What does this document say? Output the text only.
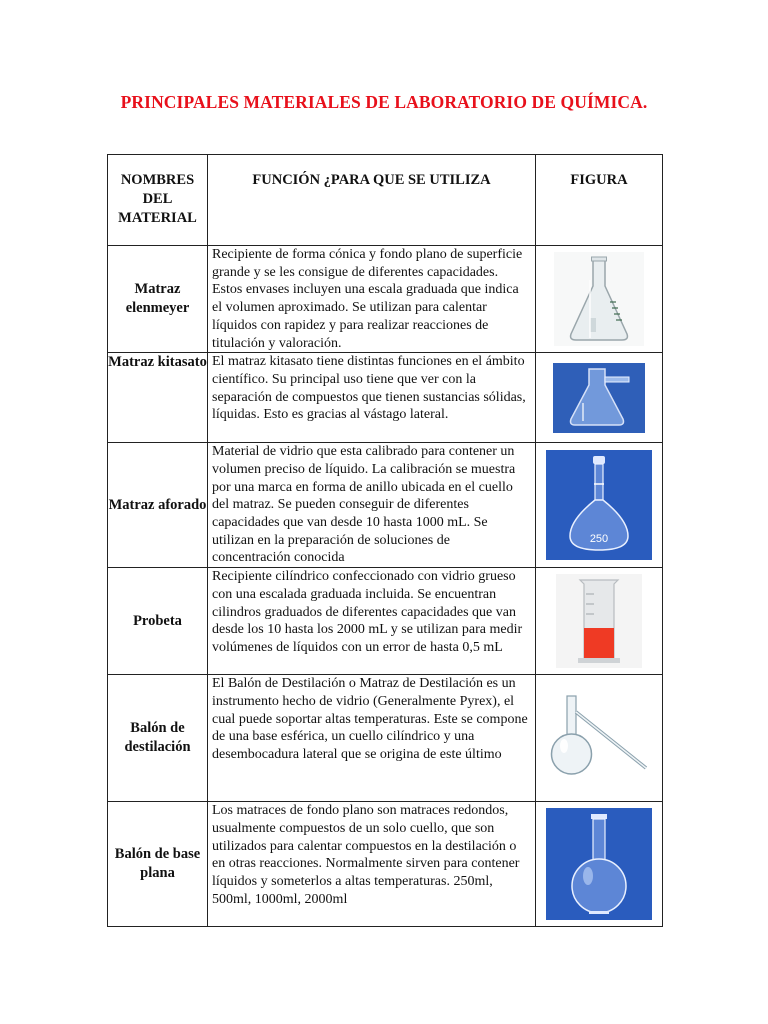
PRINCIPALES MATERIALES DE LABORATORIO DE QUÍMICA.
NOMBRES DEL MATERIAL	FUNCIÓN ¿PARA QUE SE UTILIZA	FIGURA

Matraz elenmeyer	Recipiente de forma cónica y fondo plano de superficie grande y se les consigue de diferentes capacidades. Estos envases incluyen una escala graduada que indica el volumen aproximado. Se utilizan para calentar líquidos con rapidez y para realizar reacciones de titulación y valoración.

Matraz kitasato	El matraz kitasato tiene distintas funciones en el ámbito científico. Su principal uso tiene que ver con la separación de compuestos que tienen sustancias sólidas, líquidas. Esto es gracias al vástago lateral.

Matraz aforado	Material de vidrio que esta calibrado para contener un volumen preciso de líquido. La calibración se muestra por una marca en forma de anillo ubicada en el cuello del matraz. Se pueden conseguir de diferentes capacidades que van desde 10 hasta 1000 mL. Se utilizan en la preparación de soluciones de concentración conocida	250

Probeta	Recipiente cilíndrico confeccionado con vidrio grueso con una escalada graduada incluida. Se encuentran cilindros graduados de diferentes capacidades que van desde los 10 hasta los 2000 mL y se utilizan para medir volúmenes de líquidos con un error de hasta 0,5 mL

Balón de destilación	El Balón de Destilación o Matraz de Destilación es un instrumento hecho de vidrio (Generalmente Pyrex), el cual puede soportar altas temperaturas. Este se compone de una base esférica, un cuello cilíndrico y una desembocadura lateral que se origina de este último

Balón de base plana	Los matraces de fondo plano son matraces redondos, usualmente compuestos de un solo cuello, que son utilizados para calentar compuestos en la destilación o en otras reacciones. Normalmente sirven para contener líquidos y someterlos a altas temperaturas. 250ml, 500ml, 1000ml, 2000ml
